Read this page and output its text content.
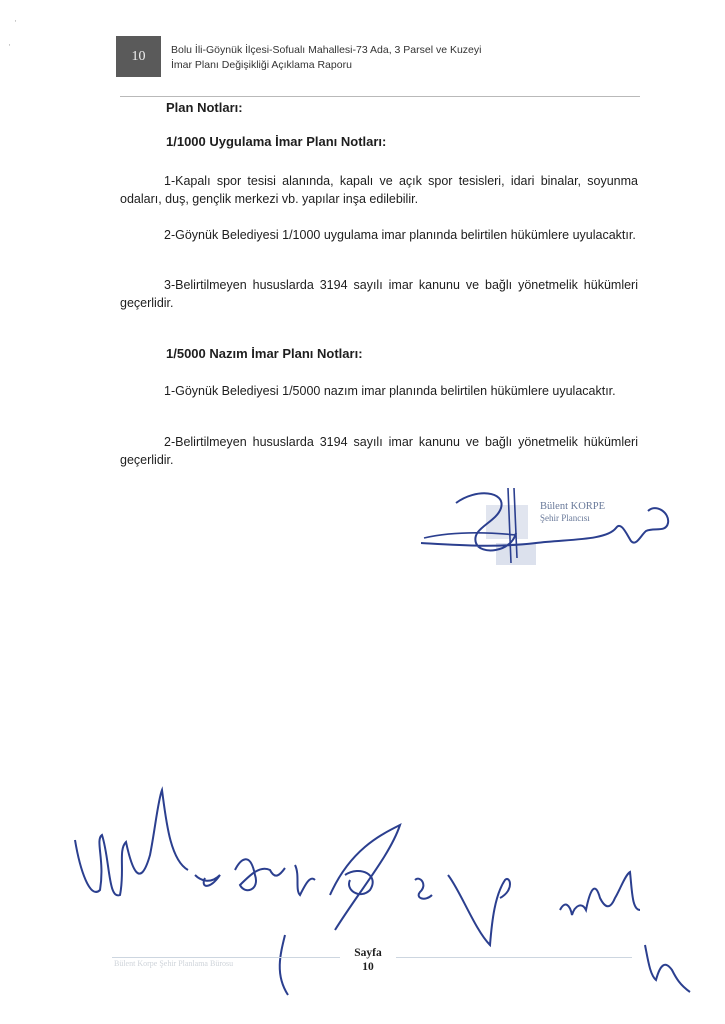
·
·
10	Bolu İli-Göynük İlçesi-Sofualı Mahallesi-73 Ada, 3 Parsel ve Kuzeyi
İmar Planı Değişikliği Açıklama Raporu
Plan Notları:
1/1000 Uygulama İmar Planı Notları:

1-Kapalı spor tesisi alanında, kapalı ve açık spor tesisleri, idari binalar, soyunma odaları, duş, gençlik merkezi vb. yapılar inşa edilebilir.

2-Göynük Belediyesi 1/1000 uygulama imar planında belirtilen hükümlere uyulacaktır.

3-Belirtilmeyen hususlarda 3194 sayılı imar kanunu ve bağlı yönetmelik hükümleri geçerlidir.

1/5000 Nazım İmar Planı Notları:

1-Göynük Belediyesi 1/5000 nazım imar planında belirtilen hükümlere uyulacaktır.

2-Belirtilmeyen hususlarda 3194 sayılı imar kanunu ve bağlı yönetmelik hükümleri geçerlidir.

Bülent KORPE
Şehir Plancısı
Bülent Korpe Şehir Planlama Bürosu
Sayfa
10
